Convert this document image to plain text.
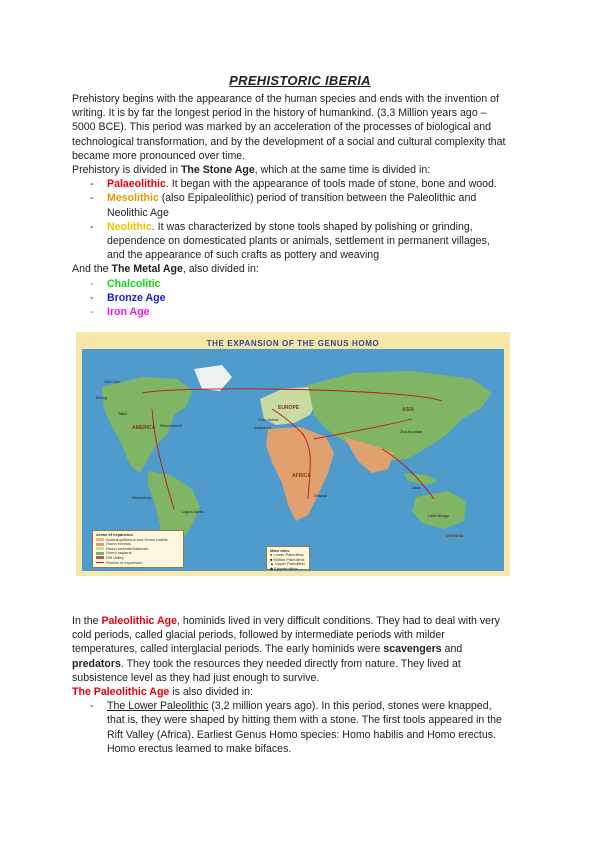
PREHISTORIC IBERIA

Prehistory begins with the appearance of the human species and ends with the invention of

writing. It is by far the longest period in the history of humankind. (3,3 Million years ago –

5000 BCE). This period was marked by an acceleration of the processes of biological and

technological transformation, and by the development of a social and cultural complexity that

became more pronounced over time.

Prehistory is divided in The Stone Age, which at the same time is divided in:

- Palaeolithic. It began with the appearance of tools made of stone, bone and wood.
- Mesolithic (also Epipaleolithic) period of transition between the Paleolithic and
Neolithic Age
- Neolithic. It was characterized by stone tools shaped by polishing or grinding,
dependence on domesticated plants or animals, settlement in permanent villages,
and the appearance of such crafts as pottery and weaving

And the The Metal Age, also divided in:

- Chalcolitic
- Bronze Age
- Iron Age
THE EXPANSION OF THE GENUS HOMO
AFRICA
EUROPE	ASIA
AMERICA
Oceania
Old Crow
Bering
Taber
Meadowcroft
Pikimachay
Gran Dolina
Atapuerca
Olduvai
Zhoukoudian
Java
Lake Mungo
Lagoa Santa
Areas of expansion
Australopithecus and Homo habilis
Homo erectus
Homo neanderthalensis
Homo sapiens
Rift Valley
Routes of expansion
Main sites
● Lower Paleolithic
■ Middle Paleolithic
▲ Upper Paleolithic
◆ Epipaleolithic

In the Paleolithic Age, hominids lived in very difficult conditions. They had to deal with very

cold periods, called glacial periods, followed by intermediate periods with milder

temperatures, called interglacial periods. The early hominids were scavengers and

predators. They took the resources they needed directly from nature. They lived at

subsistence level as they had just enough to survive.

The Paleolithic Age is also divided in:

- The Lower Paleolithic (3,2 million years ago). In this period, stones were knapped,
that is, they were shaped by hitting them with a stone. The first tools appeared in the
Rift Valley (Africa). Earliest Genus Homo species: Homo habilis and Homo erectus.
Homo erectus learned to make bifaces.
